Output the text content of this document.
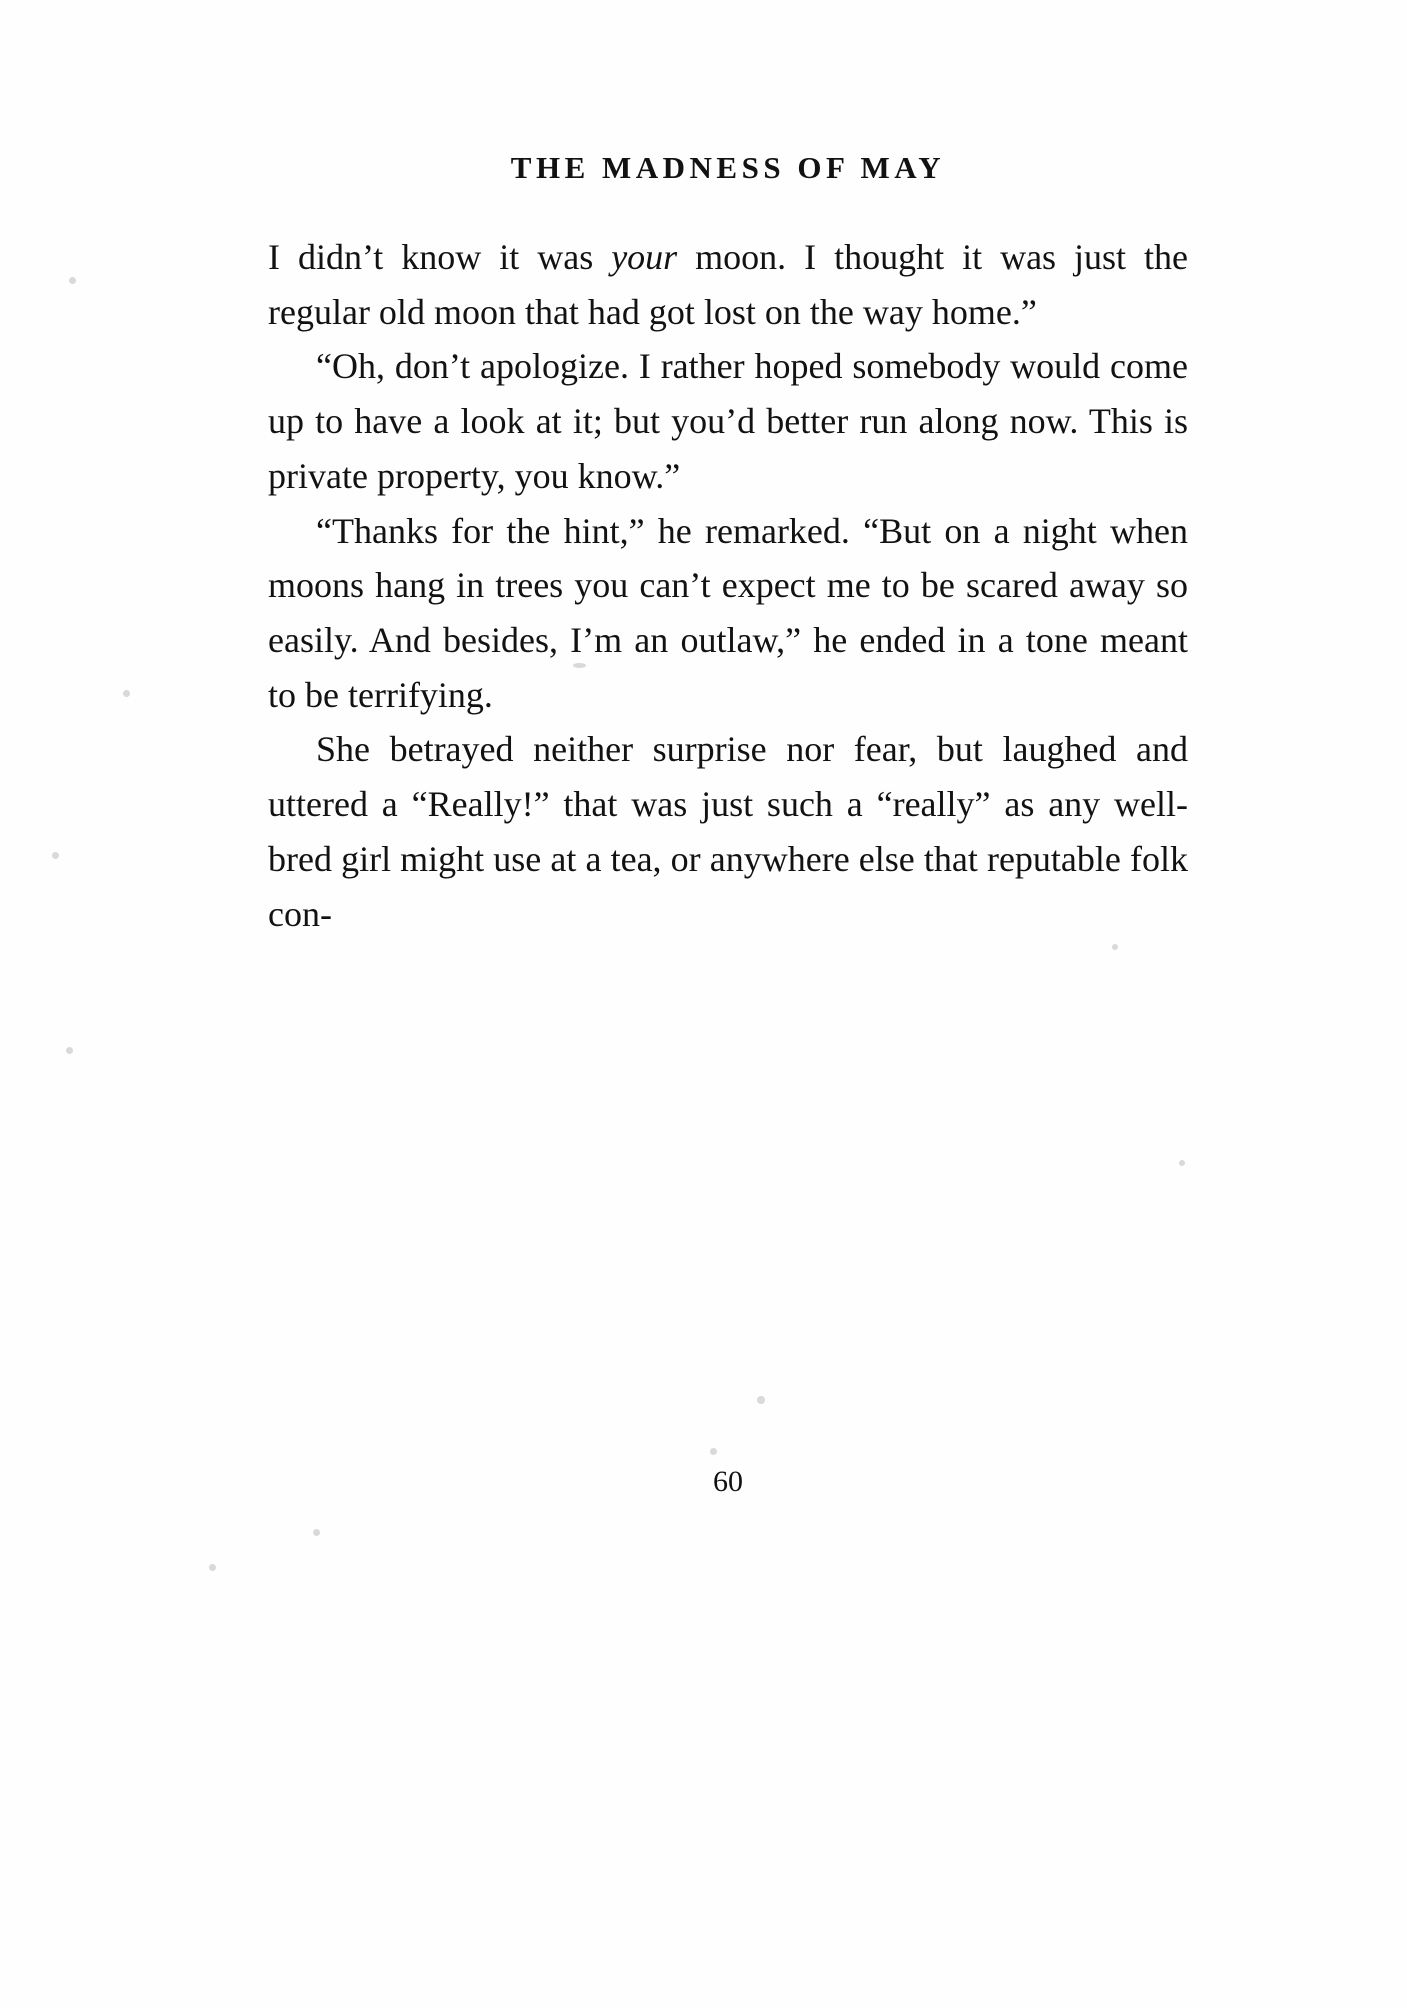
THE MADNESS OF MAY

I didn’t know it was your moon. I thought it was just the regular old moon that had got lost on the way home.”

“Oh, don’t apologize. I rather hoped somebody would come up to have a look at it; but you’d better run along now. This is private property, you know.”

“Thanks for the hint,” he remarked. “But on a night when moons hang in trees you can’t expect me to be scared away so easily. And besides, I’m an outlaw,” he ended in a tone meant to be terrifying.

She betrayed neither surprise nor fear, but laughed and uttered a “Really!” that was just such a “really” as any well-bred girl might use at a tea, or anywhere else that reputable folk con-

60
